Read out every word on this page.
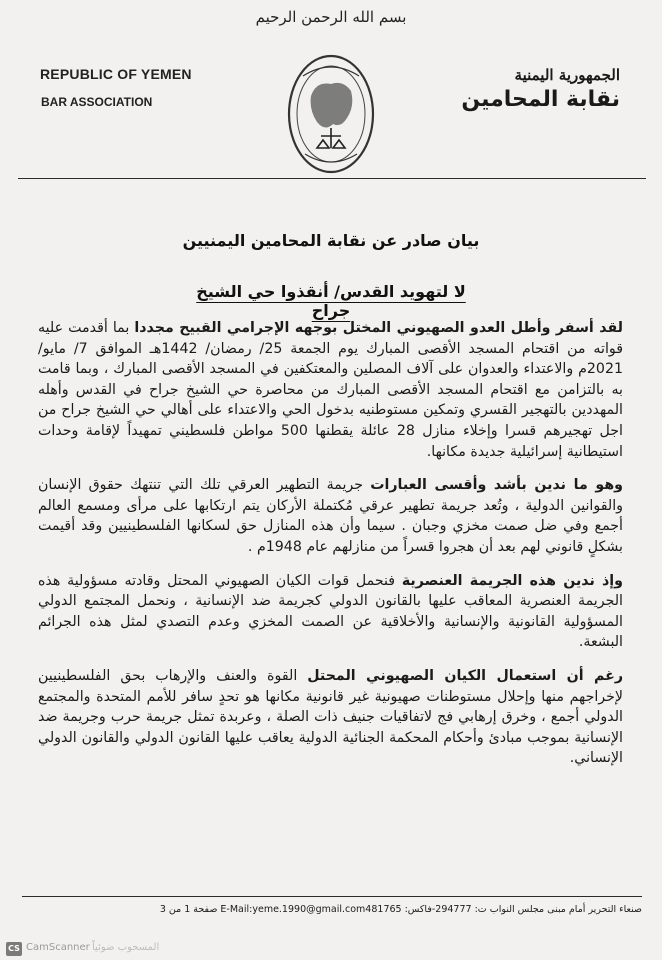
بسم الله الرحمن الرحيم
REPUBLIC OF YEMEN
BAR ASSOCIATION
الجمهورية اليمنية
نقابة المحامين
بيان صادر عن نقابة المحامين اليمنيين
لا لتهويد القدس/ أنقذوا حي الشيخ جراح

لقد أسفر وأطل العدو الصهيوني المختل بوجهه الإجرامي القبيح مجددا بما أقدمت عليه قواته من اقتحام المسجد الأقصى المبارك يوم الجمعة 25/ رمضان/ 1442هـ الموافق 7/ مايو/ 2021م والاعتداء والعدوان على آلاف المصلين والمعتكفين في المسجد الأقصى المبارك ، وبما قامت به بالتزامن مع اقتحام المسجد الأقصى المبارك من محاصرة حي الشيخ جراح في القدس وأهله المهددين بالتهجير القسري وتمكين مستوطنيه بدخول الحي والاعتداء على أهالي حي الشيخ جراح من اجل تهجيرهم قسرا وإخلاء منازل 28 عائلة يقطنها 500 مواطن فلسطيني تمهيداً لإقامة وحدات استيطانية إسرائيلية جديدة مكانها.

وهو ما ندين بأشد وأقسى العبارات جريمة التطهير العرقي تلك التي تنتهك حقوق الإنسان والقوانين الدولية ، وتُعد جريمة تطهير عرقي مُكتملة الأركان يتم ارتكابها على مرأى ومسمع العالم أجمع وفي ضل صمت مخزي وجبان . سيما وأن هذه المنازل حق لسكانها الفلسطينيين وقد أقيمت بشكلٍ قانوني لهم بعد أن هجروا قسراً من منازلهم عام 1948م .

وإذ ندين هذه الجريمة العنصرية فنحمل قوات الكيان الصهيوني المحتل وقادته مسؤولية هذه الجريمة العنصرية المعاقب عليها بالقانون الدولي كجريمة ضد الإنسانية ، ونحمل المجتمع الدولي المسؤولية القانونية والإنسانية والأخلاقية عن الصمت المخزي وعدم التصدي لمثل هذه الجرائم البشعة.

رغم أن استعمال الكيان الصهيوني المحتل القوة والعنف والإرهاب بحق الفلسطينيين لإخراجهم منها وإحلال مستوطنات صهيونية غير قانونية مكانها هو تحدٍ سافر للأمم المتحدة والمجتمع الدولي أجمع ، وخرق إرهابي فج لاتفاقيات جنيف ذات الصلة ، وعربدة تمثل جريمة حرب وجريمة ضد الإنسانية بموجب مبادئ وأحكام المحكمة الجنائية الدولية يعاقب عليها القانون الدولي والقانون الدولي الإنساني.

صنعاء التحرير أمام مبنى مجلس النواب ت: 294777-فاكس: E-Mail:yeme.1990@gmail.com481765 صفحة 1 من 3
CS CamScanner المسحوب ضوئياً
